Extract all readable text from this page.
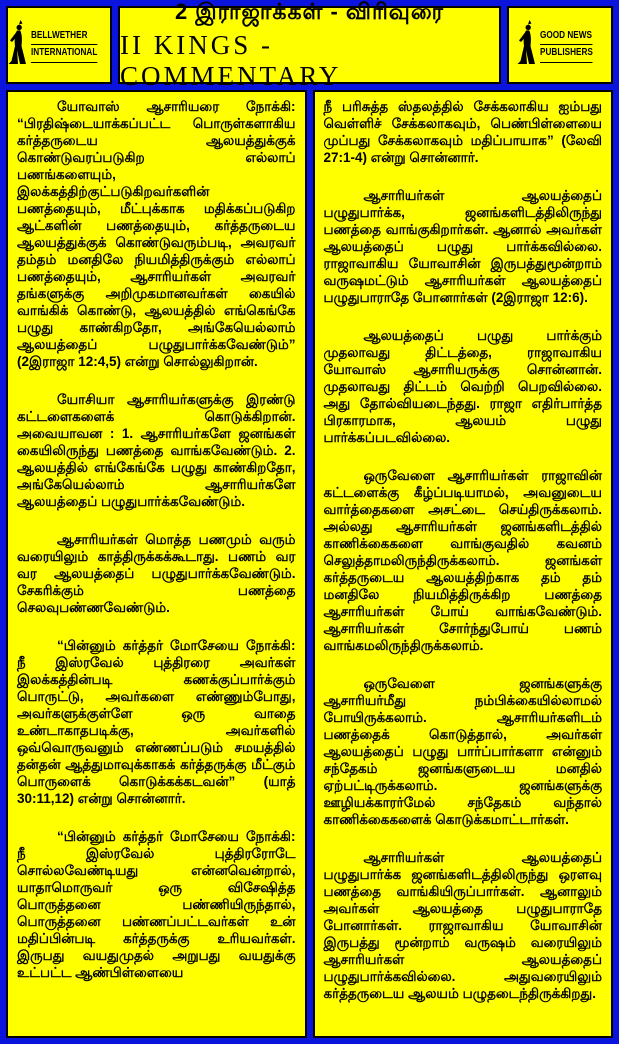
BELLWETHER
INTERNATIONAL
2 இராஜாக்கள் - விரிவுரை
II KINGS - COMMENTARY
GOOD NEWS
PUBLISHERS

யோவாஸ் ஆசாரியரை நோக்கி: “பிரதிஷ்டையாக்கப்பட்ட பொருள்களாகிய கர்த்தருடைய ஆலயத்துக்குக் கொண்டுவரப்படுகிற எல்லாப் பணங்களையும், இலக்கத்திற்குட்படுகிறவர்களின் பணத்தையும், மீட்புக்காக மதிக்கப்படுகிற ஆட்களின் பணத்தையும், கர்த்தருடைய ஆலயத்துக்குக் கொண்டுவரும்படி, அவரவர் தம்தம் மனதிலே நியமித்திருக்கும் எல்லாப் பணத்தையும், ஆசாரியர்கள் அவரவர் தங்களுக்கு அறிமுகமானவர்கள் கையில் வாங்கிக் கொண்டு, ஆலயத்தில் எங்கெங்கே பழுது காண்கிறதோ, அங்கேயெல்லாம் ஆலயத்தைப் பழுதுபார்க்கவேண்டும்” (2இராஜா 12:4,5) என்று சொல்லுகிறான்.

யோசியா ஆசாரியர்களுக்கு இரண்டு கட்டளைகளைக் கொடுக்கிறான். அவையாவன : 1. ஆசாரியர்களே ஜனங்கள் கையிலிருந்து பணத்தை வாங்கவேண்டும். 2. ஆலயத்தில் எங்கேங்கே பழுது காண்கிறதோ, அங்கேயெல்லாம் ஆசாரியர்களே ஆலயத்தைப் பழுதுபார்க்கவேண்டும்.

ஆசாரியர்கள் மொத்த பணமும் வரும் வரையிலும் காத்திருக்கக்கூடாது. பணம் வர வர ஆலயத்தைப் பழுதுபார்க்கவேண்டும். சேகரிக்கும் பணத்தை செலவுபண்ணவேண்டும்.

“பின்னும் கர்த்தர் மோசேயை நோக்கி: நீ இஸ்ரவேல் புத்திரரை அவர்கள் இலக்கத்தின்படி கணக்குப்பார்க்கும் பொருட்டு, அவர்களை எண்ணும்போது, அவர்களுக்குள்ளே ஒரு வாதை உண்டாகாதபடிக்கு, அவர்களில் ஒவ்வொருவனும் எண்ணப்படும் சமயத்தில் தன்தன் ஆத்துமாவுக்காகக் கர்த்தருக்கு மீட்கும் பொருளைக் கொடுக்கக்கடவன்” (யாத் 30:11,12) என்று சொன்னார்.

“பின்னும் கர்த்தர் மோசேயை நோக்கி: நீ இஸ்ரவேல் புத்திரரோடே சொல்லவேண்டியது என்னவென்றால், யாதாமொருவர் ஒரு விசேஷித்த பொருத்தனை பண்ணியிருந்தால், பொருத்தனை பண்ணப்பட்டவர்கள் உன் மதிப்பின்படி கர்த்தருக்கு உரியவர்கள். இருபது வயதுமுதல் அறுபது வயதுக்கு உட்பட்ட ஆண்பிள்ளையை

நீ பரிசுத்த ஸ்தலத்தில் சேக்கலாகிய ஐம்பது வெள்ளிச் சேக்கலாகவும், பெண்பிள்ளையை முப்பது சேக்கலாகவும் மதிப்பாயாக” (லேவி 27:1-4) என்று சொன்னார்.

ஆசாரியர்கள் ஆலயத்தைப் பழுதுபார்க்க, ஜனங்களிடத்திலிருந்து பணத்தை வாங்குகிறார்கள். ஆனால் அவர்கள் ஆலயத்தைப் பழுது பார்க்கவில்லை. ராஜாவாகிய யோவாசின் இருபத்துமூன்றாம் வருஷமட்டும் ஆசாரியர்கள் ஆலயத்தைப் பழுதுபாராதே போனார்கள் (2இராஜா 12:6).

ஆலயத்தைப் பழுது பார்க்கும் முதலாவது திட்டத்தை, ராஜாவாகிய யோவாஸ் ஆசாரியருக்கு சொன்னான். முதலாவது திட்டம் வெற்றி பெறவில்லை. அது தோல்வியடைந்தது. ராஜா எதிர்பார்த்த பிரகாரமாக, ஆலயம் பழுது பார்க்கப்படவில்லை.

ஒருவேளை ஆசாரியர்கள் ராஜாவின் கட்டளைக்கு கீழ்ப்படியாமல், அவனுடைய வார்த்தைகளை அசட்டை செய்திருக்கலாம். அல்லது ஆசாரியர்கள் ஜனங்களிடத்தில் காணிக்கைகளை வாங்குவதில் கவனம் செலுத்தாமலிருந்திருக்கலாம். ஜனங்கள் கர்த்தருடைய ஆலயத்திற்காக தம் தம் மனதிலே நியமித்திருக்கிற பணத்தை ஆசாரியர்கள் போய் வாங்கவேண்டும். ஆசாரியர்கள் சோர்ந்துபோய் பணம் வாங்கமலிருந்திருக்கலாம்.

ஒருவேளை ஜனங்களுக்கு ஆசாரியர்மீது நம்பிக்கையில்லாமல் போயிருக்கலாம். ஆசாரியர்களிடம் பணத்தைக் கொடுத்தால், அவர்கள் ஆலயத்தைப் பழுது பார்ப்பார்களா என்னும் சந்தேகம் ஜனங்களுடைய மனதில் ஏற்பட்டிருக்கலாம். ஜனங்களுக்கு ஊழியக்காரர்மேல் சந்தேகம் வந்தால் காணிக்கைகளைக் கொடுக்கமாட்டார்கள்.

ஆசாரியர்கள் ஆலயத்தைப் பழுதுபார்க்க ஜனங்களிடத்திலிருந்து ஒரளவு பணத்தை வாங்கியிருப்பார்கள். ஆனாலும் அவர்கள் ஆலயத்தை பழுதுபாராதே போனார்கள். ராஜாவாகிய யோவாசின் இருபத்து மூன்றாம் வருஷம் வரையிலும் ஆசாரியர்கள் ஆலயத்தைப் பழுதுபார்க்கவில்லை. அதுவரையிலும் கர்த்தருடைய ஆலயம் பழுதடைந்திருக்கிறது.
